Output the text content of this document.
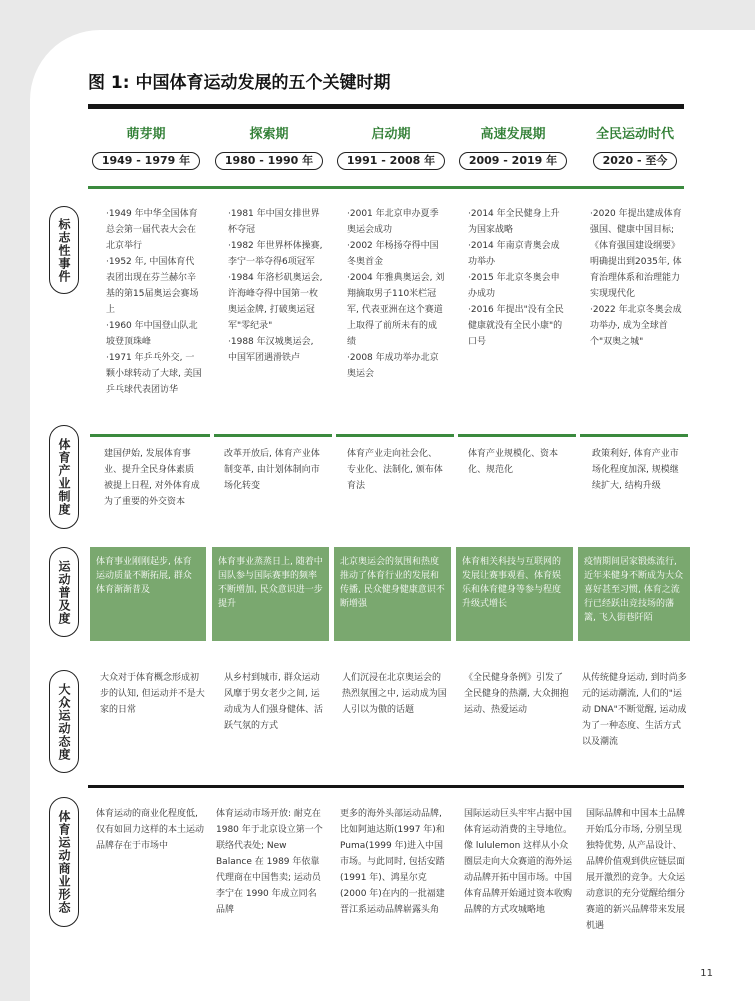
图 1: 中国体育运动发展的五个关键时期
萌芽期
1949 - 1979 年
探索期
1980 - 1990 年
启动期
1991 - 2008 年
高速发展期
2009 - 2019 年
全民运动时代
2020 - 至今
标志性事件
体育产业制度
运动普及度
大众运动态度
体育运动商业形态

·1949 年中华全国体育总会第一届代表大会在北京举行

·1952 年, 中国体育代表团出现在芬兰赫尔辛基的第15届奥运会赛场上

·1960 年中国登山队北坡登顶珠峰

·1971 年乒乓外交, 一颗小球转动了大球, 美国乒乓球代表团访华

·1981 年中国女排世界杯夺冠

·1982 年世界杯体操赛, 李宁一举夺得6项冠军

·1984 年洛杉矶奥运会, 许海峰夺得中国第一枚奥运金牌, 打破奥运冠军"零纪录"

·1988 年汉城奥运会, 中国军团遇滑铁卢

·2001 年北京申办夏季奥运会成功

·2002 年杨扬夺得中国冬奥首金

·2004 年雅典奥运会, 刘翔摘取男子110米栏冠军, 代表亚洲在这个赛道上取得了前所未有的成绩

·2008 年成功举办北京奥运会

·2014 年全民健身上升为国家战略

·2014 年南京青奥会成功举办

·2015 年北京冬奥会申办成功

·2016 年提出"没有全民健康就没有全民小康"的口号

·2020 年提出建成体育强国、健康中国目标; 《体育强国建设纲要》明确提出到2035年, 体育治理体系和治理能力实现现代化

·2022 年北京冬奥会成功举办, 成为全球首个"双奥之城"

建国伊始, 发展体育事业、提升全民身体素质被提上日程, 对外体育成为了重要的外交资本
改革开放后, 体育产业体制变革, 由计划体制向市场化转变
体育产业走向社会化、专业化、法制化, 颁布体育法
体育产业规模化、资本化、规范化
政策利好, 体育产业市场化程度加深, 规模继续扩大, 结构升级
体育事业刚刚起步, 体育运动质量不断拓展, 群众体育渐渐普及
体育事业蒸蒸日上, 随着中国队参与国际赛事的频率不断增加, 民众意识进一步提升
北京奥运会的氛围和热度推动了体育行业的发展和传播, 民众健身健康意识不断增强
体育相关科技与互联网的发展让赛事观看、体育娱乐和体育健身等参与程度升级式增长
疫情期间居家锻炼流行, 近年来健身不断成为大众喜好甚至习惯, 体育之流行已经跃出竞技场的藩篱, 飞入街巷阡陌
大众对于体育概念形成初步的认知, 但运动并不是大家的日常
从乡村到城市, 群众运动风靡于男女老少之间, 运动成为人们强身健体、活跃气氛的方式
人们沉浸在北京奥运会的热烈氛围之中, 运动成为国人引以为傲的话题
《全民健身条例》引发了全民健身的热潮, 大众拥抱运动、热爱运动
从传统健身运动, 到时尚多元的运动潮流, 人们的"运动 DNA"不断觉醒, 运动成为了一种态度、生活方式以及潮流
体育运动的商业化程度低, 仅有如回力这样的本土运动品牌存在于市场中
体育运动市场开放: 耐克在 1980 年于北京设立第一个联络代表处; New Balance 在 1989 年依靠代理商在中国售卖; 运动员李宁在 1990 年成立同名品牌
更多的海外头部运动品牌, 比如阿迪达斯(1997 年)和 Puma(1999 年)进入中国市场。与此同时, 包括安踏(1991 年)、鸿星尔克(2000 年)在内的一批福建晋江系运动品牌崭露头角
国际运动巨头牢牢占据中国体育运动消费的主导地位。像 lululemon 这样从小众圈层走向大众赛道的海外运动品牌开拓中国市场。中国体育品牌开始通过资本收购品牌的方式攻城略地
国际品牌和中国本土品牌开始瓜分市场, 分别呈现独特优势, 从产品设计、品牌价值观到供应链层面展开激烈的竞争。大众运动意识的充分觉醒给细分赛道的新兴品牌带来发展机遇
11
